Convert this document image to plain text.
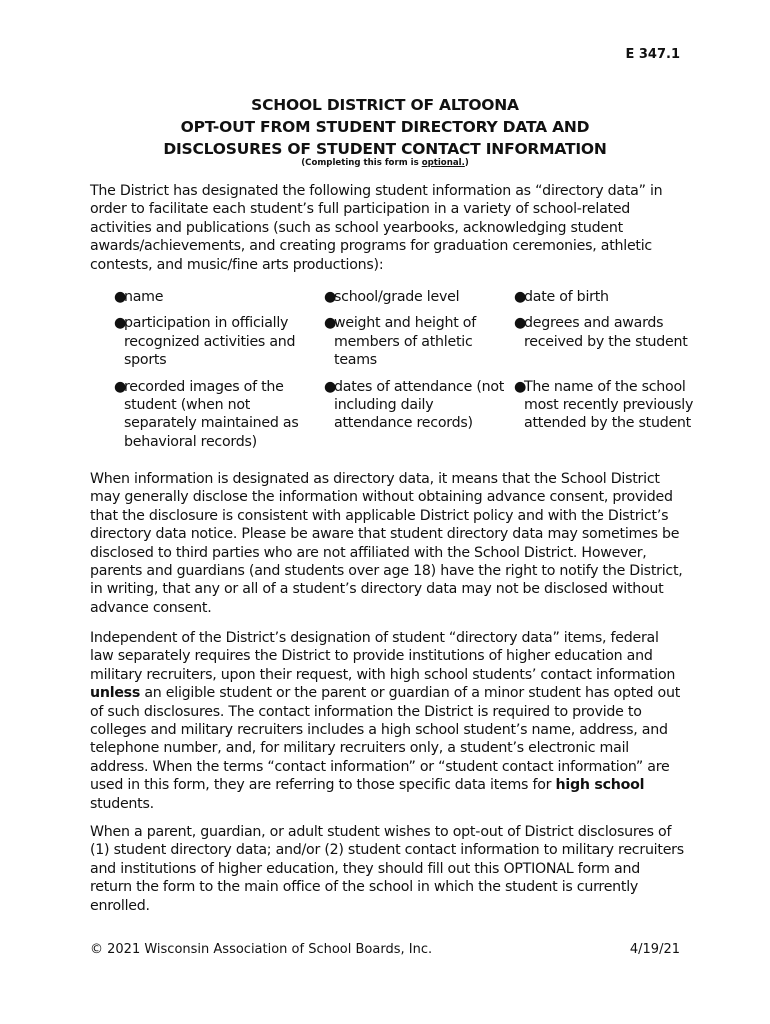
E 347.1
SCHOOL DISTRICT OF ALTOONA
OPT-OUT FROM STUDENT DIRECTORY DATA AND
DISCLOSURES OF STUDENT CONTACT INFORMATION
(Completing this form is optional.)

The District has designated the following student information as “directory data” in order to facilitate each student’s full participation in a variety of school-related activities and publications (such as school yearbooks, acknowledging student awards/achievements, and creating programs for graduation ceremonies, athletic contests, and music/fine arts productions):

●
name	●
school/grade level	●
date of birth
●
participation in officially recognized activities and sports
●
weight and height of members of athletic teams
●
degrees and awards received by the student
●
recorded images of the student (when not separately maintained as behavioral records)
●
dates of attendance (not including daily attendance records)
●
The name of the school most recently previously attended by the student

When information is designated as directory data, it means that the School District may generally disclose the information without obtaining advance consent, provided that the disclosure is consistent with applicable District policy and with the District’s directory data notice. Please be aware that student directory data may sometimes be disclosed to third parties who are not affiliated with the School District. However, parents and guardians (and students over age 18) have the right to notify the District, in writing, that any or all of a student’s directory data may not be disclosed without advance consent.

Independent of the District’s designation of student “directory data” items, federal law separately requires the District to provide institutions of higher education and military recruiters, upon their request, with high school students’ contact information unless an eligible student or the parent or guardian of a minor student has opted out of such disclosures. The contact information the District is required to provide to colleges and military recruiters includes a high school student’s name, address, and telephone number, and, for military recruiters only, a student’s electronic mail address. When the terms “contact information” or “student contact information” are used in this form, they are referring to those specific data items for high school students.

When a parent, guardian, or adult student wishes to opt-out of District disclosures of (1) student directory data; and/or (2) student contact information to military recruiters and institutions of higher education, they should fill out this OPTIONAL form and return the form to the main office of the school in which the student is currently enrolled.

© 2021 Wisconsin Association of School Boards, Inc.	4/19/21
